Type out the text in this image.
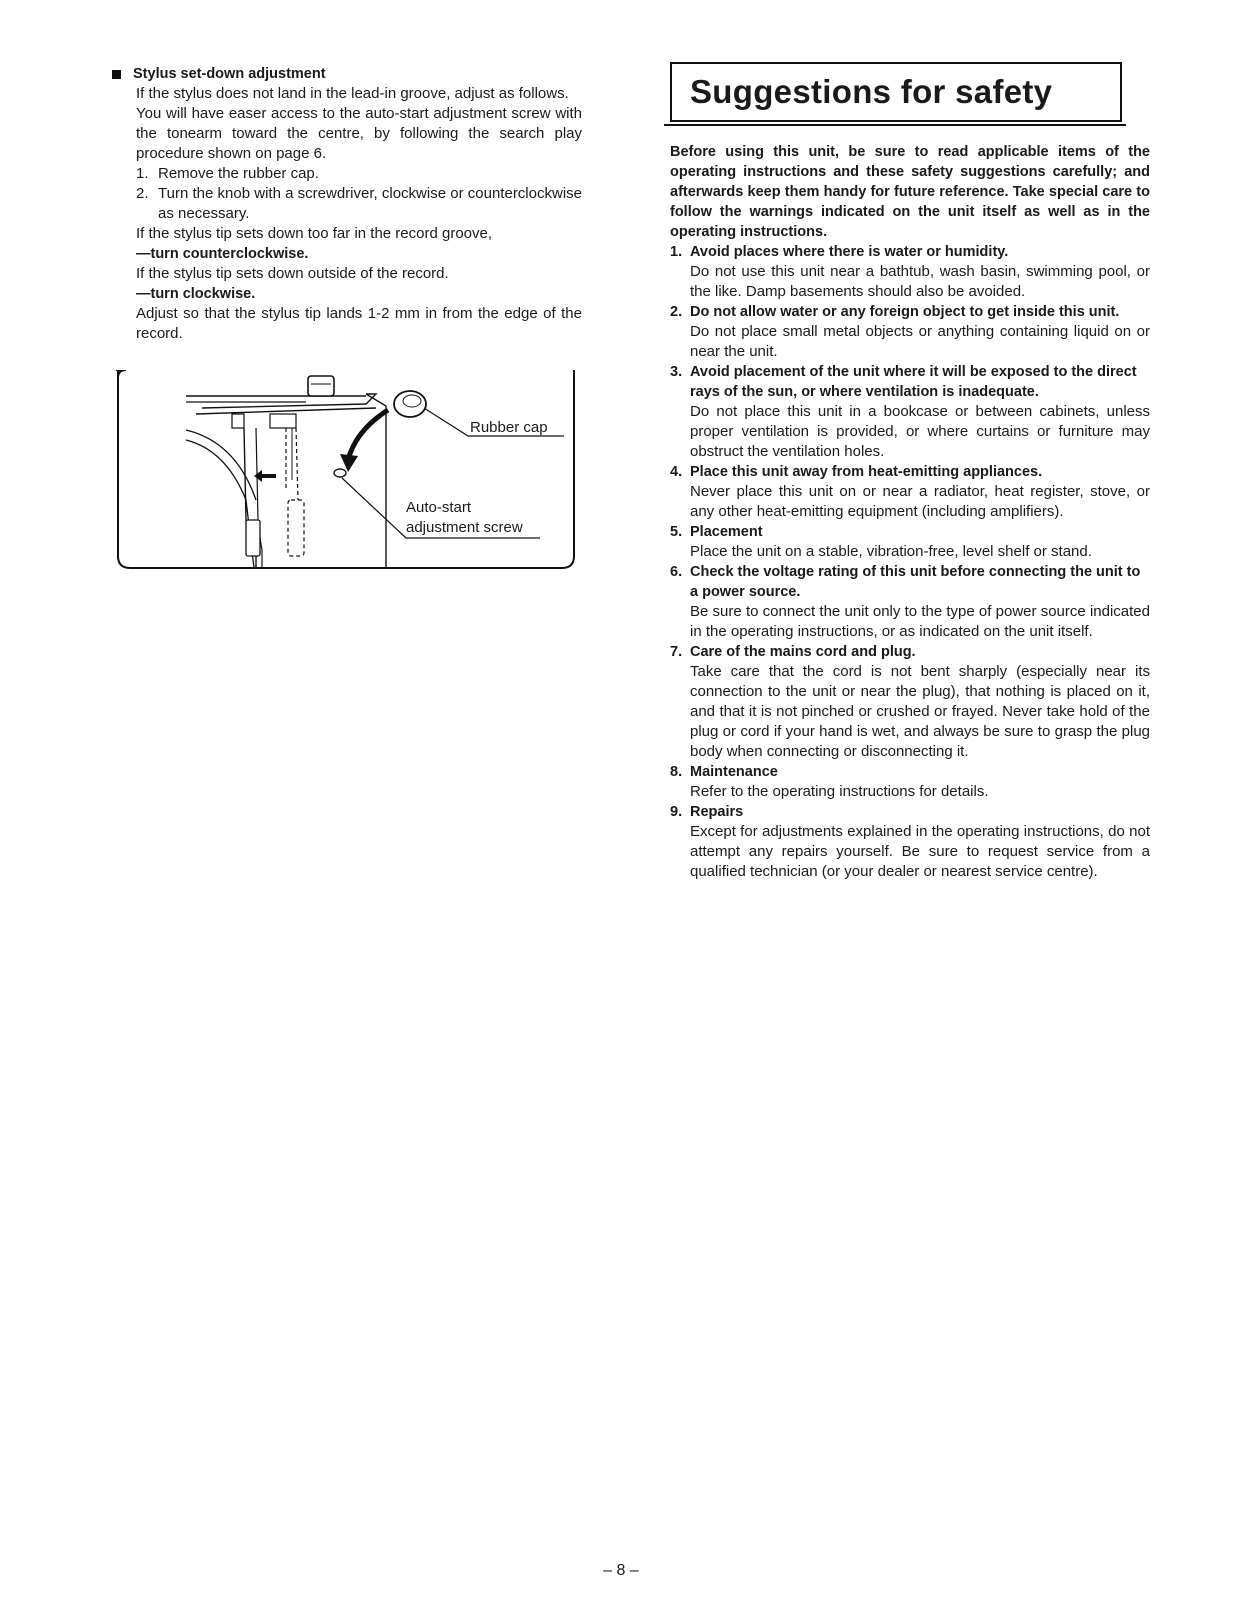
Stylus set-down adjustment

If the stylus does not land in the lead-in groove, adjust as follows.

You will have easer access to the auto-start adjustment screw with the tonearm toward the centre, by following the search play procedure shown on page 6.

1. Remove the rubber cap.
2. Turn the knob with a screwdriver, clockwise or counterclockwise as necessary.

If the stylus tip sets down too far in the record groove,

—turn counterclockwise.

If the stylus tip sets down outside of the record.

—turn clockwise.

Adjust so that the stylus tip lands 1-2 mm in from the edge of the record.

Rubber cap
Auto-start
adjustment screw
Suggestions for safety
Before using this unit, be sure to read applicable items of the operating instructions and these safety suggestions carefully; and afterwards keep them handy for future reference. Take special care to follow the warnings indicated on the unit itself as well as in the operating instructions.
1. Avoid places where there is water or humidity.
Do not use this unit near a bathtub, wash basin, swimming pool, or the like. Damp basements should also be avoided.
2. Do not allow water or any foreign object to get inside this unit.
Do not place small metal objects or anything containing liquid on or near the unit.
3. Avoid placement of the unit where it will be exposed to the direct rays of the sun, or where ventilation is inadequate.
Do not place this unit in a bookcase or between cabinets, unless proper ventilation is provided, or where curtains or furniture may obstruct the ventilation holes.
4. Place this unit away from heat-emitting appliances.
Never place this unit on or near a radiator, heat register, stove, or any other heat-emitting equipment (including amplifiers).
5. Placement
Place the unit on a stable, vibration-free, level shelf or stand.
6. Check the voltage rating of this unit before connecting the unit to a power source.
Be sure to connect the unit only to the type of power source indicated in the operating instructions, or as indicated on the unit itself.
7. Care of the mains cord and plug.
Take care that the cord is not bent sharply (especially near its connection to the unit or near the plug), that nothing is placed on it, and that it is not pinched or crushed or frayed. Never take hold of the plug or cord if your hand is wet, and always be sure to grasp the plug body when connecting or disconnecting it.
8. Maintenance
Refer to the operating instructions for details.
9. Repairs
Except for adjustments explained in the operating instructions, do not attempt any repairs yourself. Be sure to request service from a qualified technician (or your dealer or nearest service centre).
– 8 –
